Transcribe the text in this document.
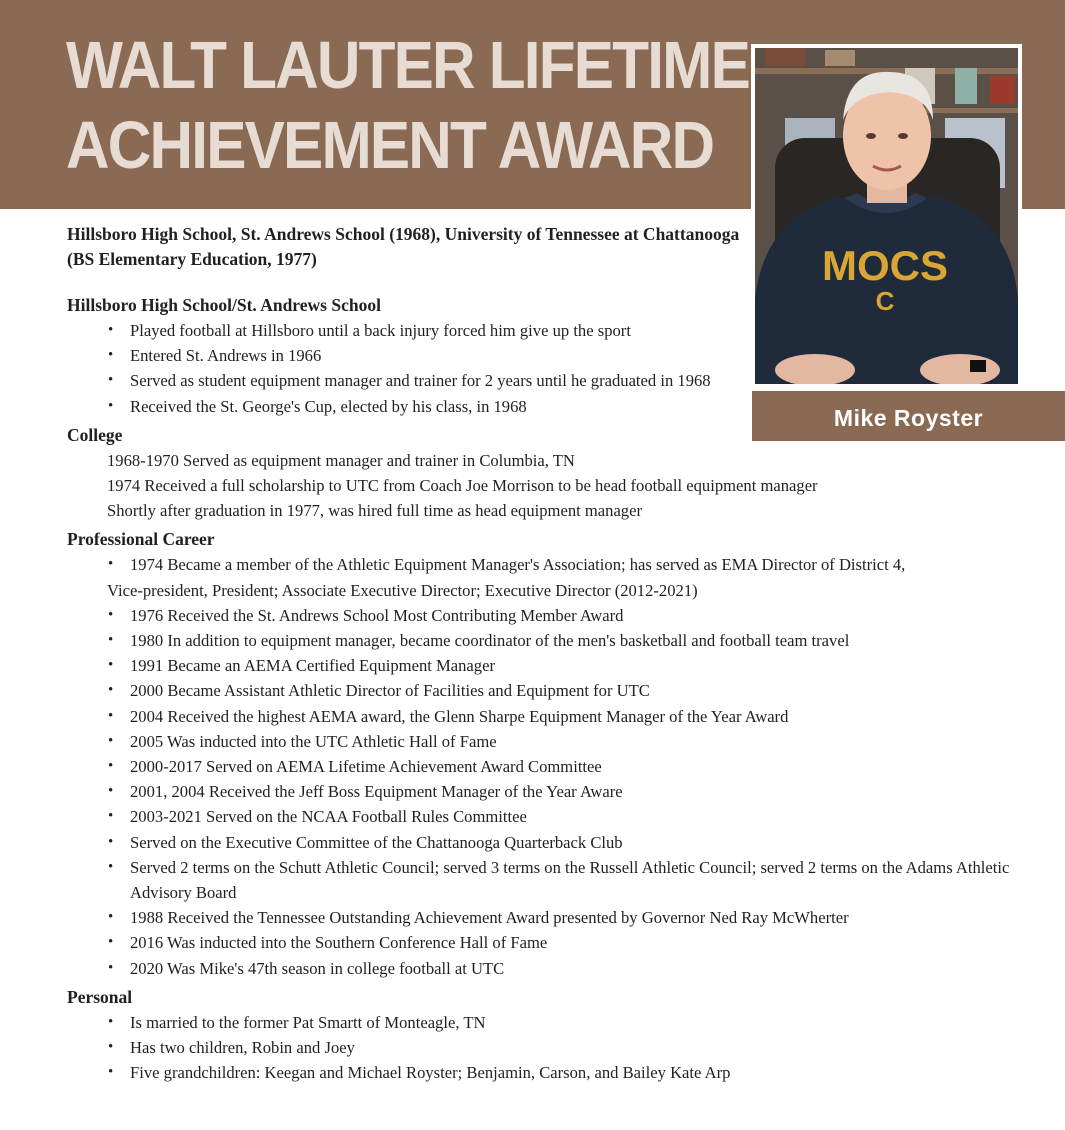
WALT LAUTER LIFETIME
ACHIEVEMENT AWARD
MOCS
C
Mike Royster

Hillsboro High School, St. Andrews School (1968), University of Tennessee at Chattanooga (BS Elementary Education, 1977)

Hillsboro High School/St. Andrews School
• Played football at Hillsboro until a back injury forced him give up the sport
• Entered St. Andrews in 1966
• Served as student equipment manager and trainer for 2 years until he graduated in 1968
• Received the St. George's Cup, elected by his class, in 1968
College
1968-1970 Served as equipment manager and trainer in Columbia, TN
1974 Received a full scholarship to UTC from Coach Joe Morrison to be head football equipment manager
Shortly after graduation in 1977, was hired full time as head equipment manager
Professional Career
• 1974 Became a member of the Athletic Equipment Manager's Association; has served as EMA Director of District 4,
Vice-president, President; Associate Executive Director; Executive Director (2012-2021)
• 1976 Received the St. Andrews School Most Contributing Member Award
• 1980 In addition to equipment manager, became coordinator of the men's basketball and football team travel
• 1991 Became an AEMA Certified Equipment Manager
• 2000 Became Assistant Athletic Director of Facilities and Equipment for UTC
• 2004 Received the highest AEMA award, the Glenn Sharpe Equipment Manager of the Year Award
• 2005 Was inducted into the UTC Athletic Hall of Fame
• 2000-2017 Served on AEMA Lifetime Achievement Award Committee
• 2001, 2004 Received the Jeff Boss Equipment Manager of the Year Aware
• 2003-2021 Served on the NCAA Football Rules Committee
• Served on the Executive Committee of the Chattanooga Quarterback Club
• Served 2 terms on the Schutt Athletic Council; served 3 terms on the Russell Athletic Council; served 2 terms on the Adams Athletic Advisory Board
• 1988 Received the Tennessee Outstanding Achievement Award presented by Governor Ned Ray McWherter
• 2016 Was inducted into the Southern Conference Hall of Fame
• 2020 Was Mike's 47th season in college football at UTC
Personal
• Is married to the former Pat Smartt of Monteagle, TN
• Has two children, Robin and Joey
• Five grandchildren: Keegan and Michael Royster; Benjamin, Carson, and Bailey Kate Arp
